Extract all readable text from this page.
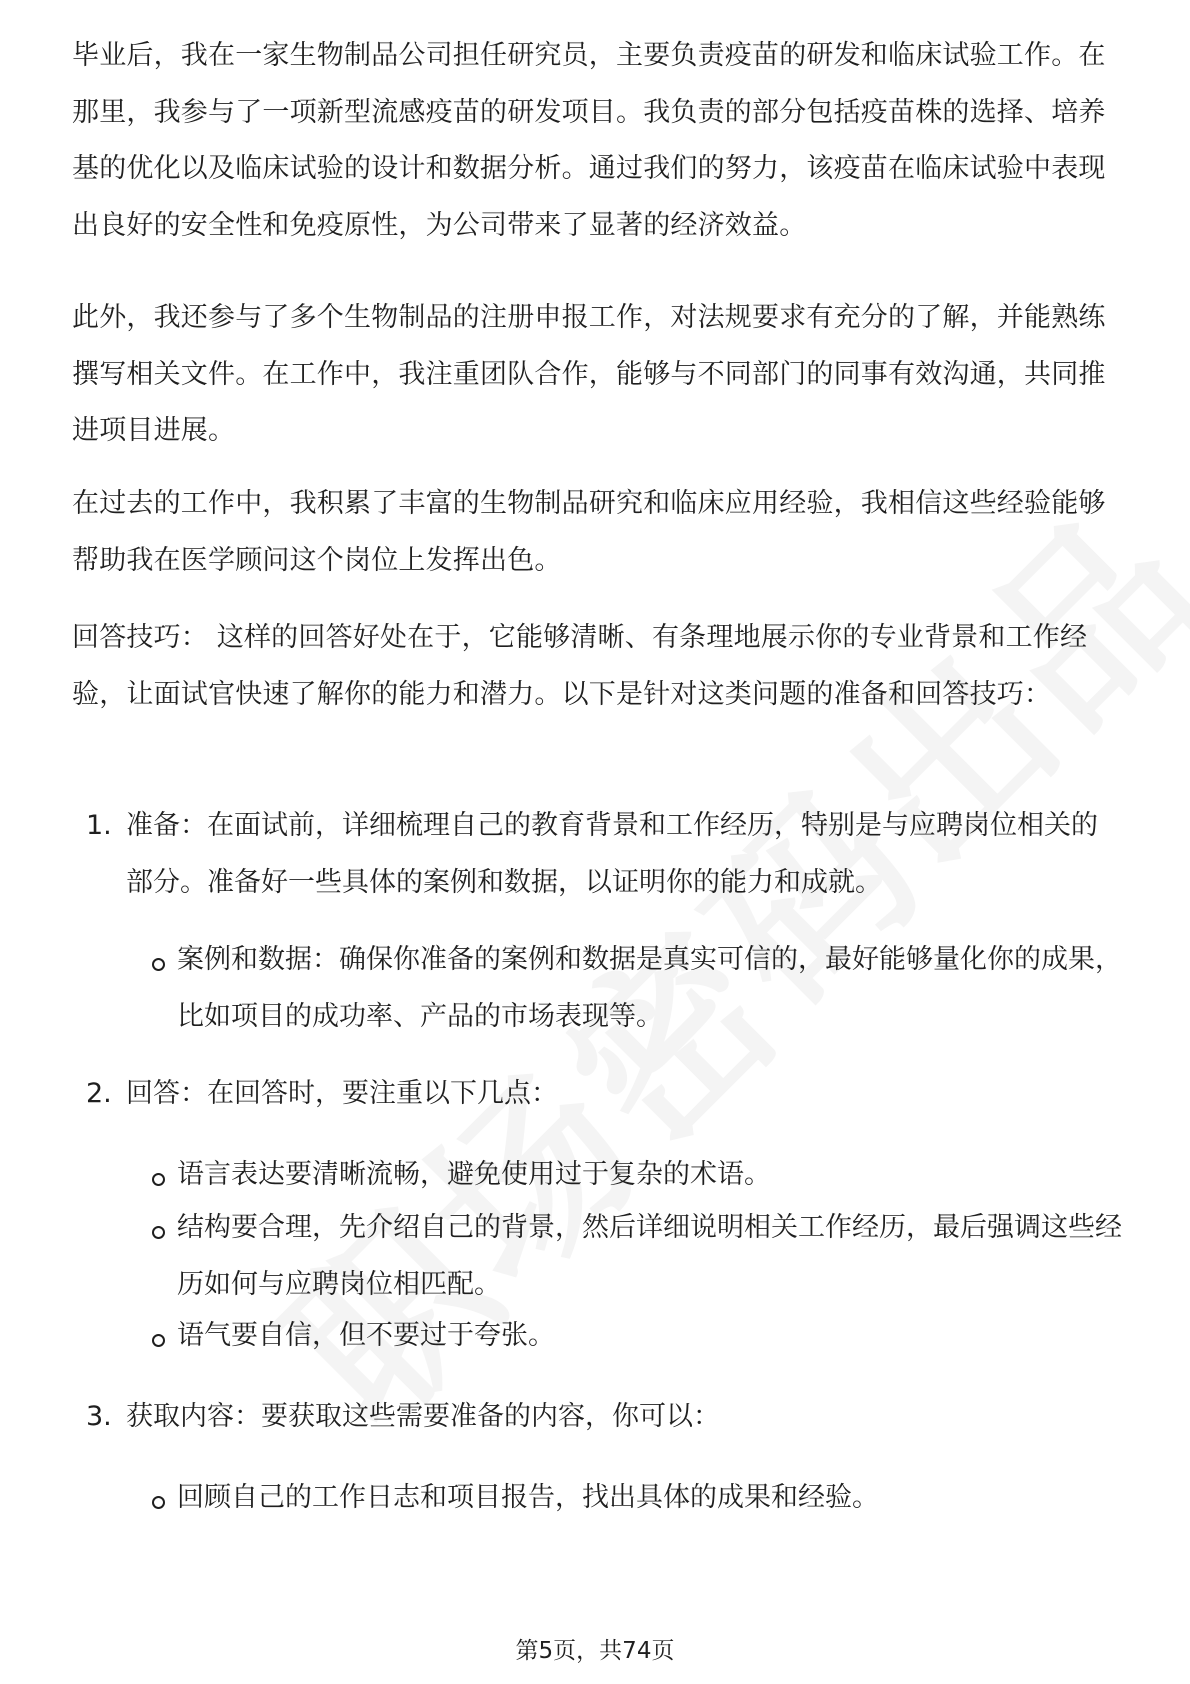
毕业后，我在一家生物制品公司担任研究员，主要负责疫苗的研发和临床试验工作。在那里，我参与了一项新型流感疫苗的研发项目。我负责的部分包括疫苗株的选择、培养基的优化以及临床试验的设计和数据分析。通过我们的努力，该疫苗在临床试验中表现出良好的安全性和免疫原性，为公司带来了显著的经济效益。

此外，我还参与了多个生物制品的注册申报工作，对法规要求有充分的了解，并能熟练撰写相关文件。在工作中，我注重团队合作，能够与不同部门的同事有效沟通，共同推进项目进展。

在过去的工作中，我积累了丰富的生物制品研究和临床应用经验，我相信这些经验能够帮助我在医学顾问这个岗位上发挥出色。

回答技巧： 这样的回答好处在于，它能够清晰、有条理地展示你的专业背景和工作经验，让面试官快速了解你的能力和潜力。以下是针对这类问题的准备和回答技巧：

1. 准备：在面试前，详细梳理自己的教育背景和工作经历，特别是与应聘岗位相关的部分。准备好一些具体的案例和数据，以证明你的能力和成就。
案例和数据：确保你准备的案例和数据是真实可信的，最好能够量化你的成果，比如项目的成功率、产品的市场表现等。
2. 回答：在回答时，要注重以下几点：
语言表达要清晰流畅，避免使用过于复杂的术语。
结构要合理，先介绍自己的背景，然后详细说明相关工作经历，最后强调这些经历如何与应聘岗位相匹配。
语气要自信，但不要过于夸张。
3. 获取内容：要获取这些需要准备的内容，你可以：
回顾自己的工作日志和项目报告，找出具体的成果和经验。
第5页，共74页
